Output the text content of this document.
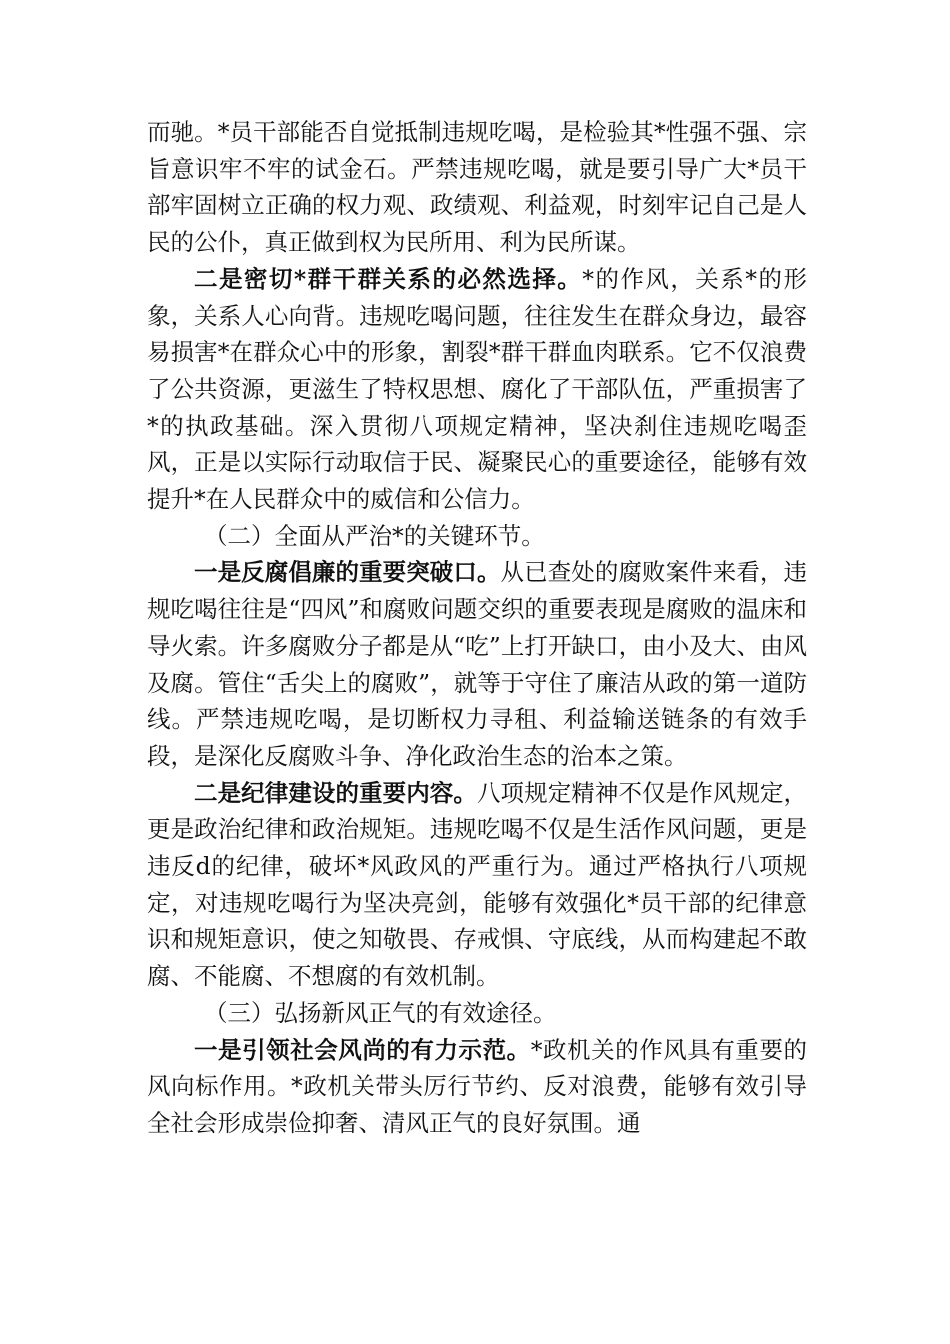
而驰。*员干部能否自觉抵制违规吃喝，是检验其*性强不强、宗旨意识牢不牢的试金石。严禁违规吃喝，就是要引导广大*员干部牢固树立正确的权力观、政绩观、利益观，时刻牢记自己是人民的公仆，真正做到权为民所用、利为民所谋。

二是密切*群干群关系的必然选择。*的作风，关系*的形象，关系人心向背。违规吃喝问题，往往发生在群众身边，最容易损害*在群众心中的形象，割裂*群干群血肉联系。它不仅浪费了公共资源，更滋生了特权思想、腐化了干部队伍，严重损害了*的执政基础。深入贯彻八项规定精神，坚决刹住违规吃喝歪风，正是以实际行动取信于民、凝聚民心的重要途径，能够有效提升*在人民群众中的威信和公信力。

（二）全面从严治*的关键环节。

一是反腐倡廉的重要突破口。从已查处的腐败案件来看，违规吃喝往往是“四风”和腐败问题交织的重要表现是腐败的温床和导火索。许多腐败分子都是从“吃”上打开缺口，由小及大、由风及腐。管住“舌尖上的腐败”，就等于守住了廉洁从政的第一道防线。严禁违规吃喝，是切断权力寻租、利益输送链条的有效手段，是深化反腐败斗争、净化政治生态的治本之策。

二是纪律建设的重要内容。八项规定精神不仅是作风规定，更是政治纪律和政治规矩。违规吃喝不仅是生活作风问题，更是违反d的纪律，破坏*风政风的严重行为。通过严格执行八项规定，对违规吃喝行为坚决亮剑，能够有效强化*员干部的纪律意识和规矩意识，使之知敬畏、存戒惧、守底线，从而构建起不敢腐、不能腐、不想腐的有效机制。

（三）弘扬新风正气的有效途径。

一是引领社会风尚的有力示范。*政机关的作风具有重要的风向标作用。*政机关带头厉行节约、反对浪费，能够有效引导全社会形成崇俭抑奢、清风正气的良好氛围。通
